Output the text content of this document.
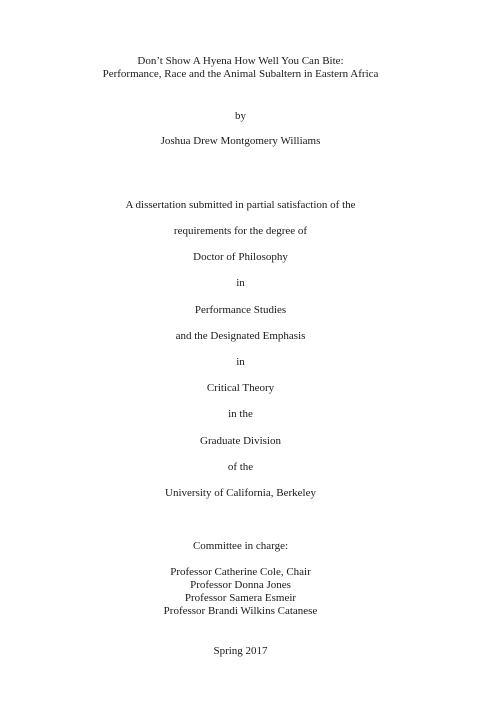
Don’t Show A Hyena How Well You Can Bite:
Performance, Race and the Animal Subaltern in Eastern Africa
by
Joshua Drew Montgomery Williams
A dissertation submitted in partial satisfaction of the
requirements for the degree of
Doctor of Philosophy
in
Performance Studies
and the Designated Emphasis
in
Critical Theory
in the
Graduate Division
of the
University of California, Berkeley
Committee in charge:
Professor Catherine Cole, Chair
Professor Donna Jones
Professor Samera Esmeir
Professor Brandi Wilkins Catanese
Spring 2017
